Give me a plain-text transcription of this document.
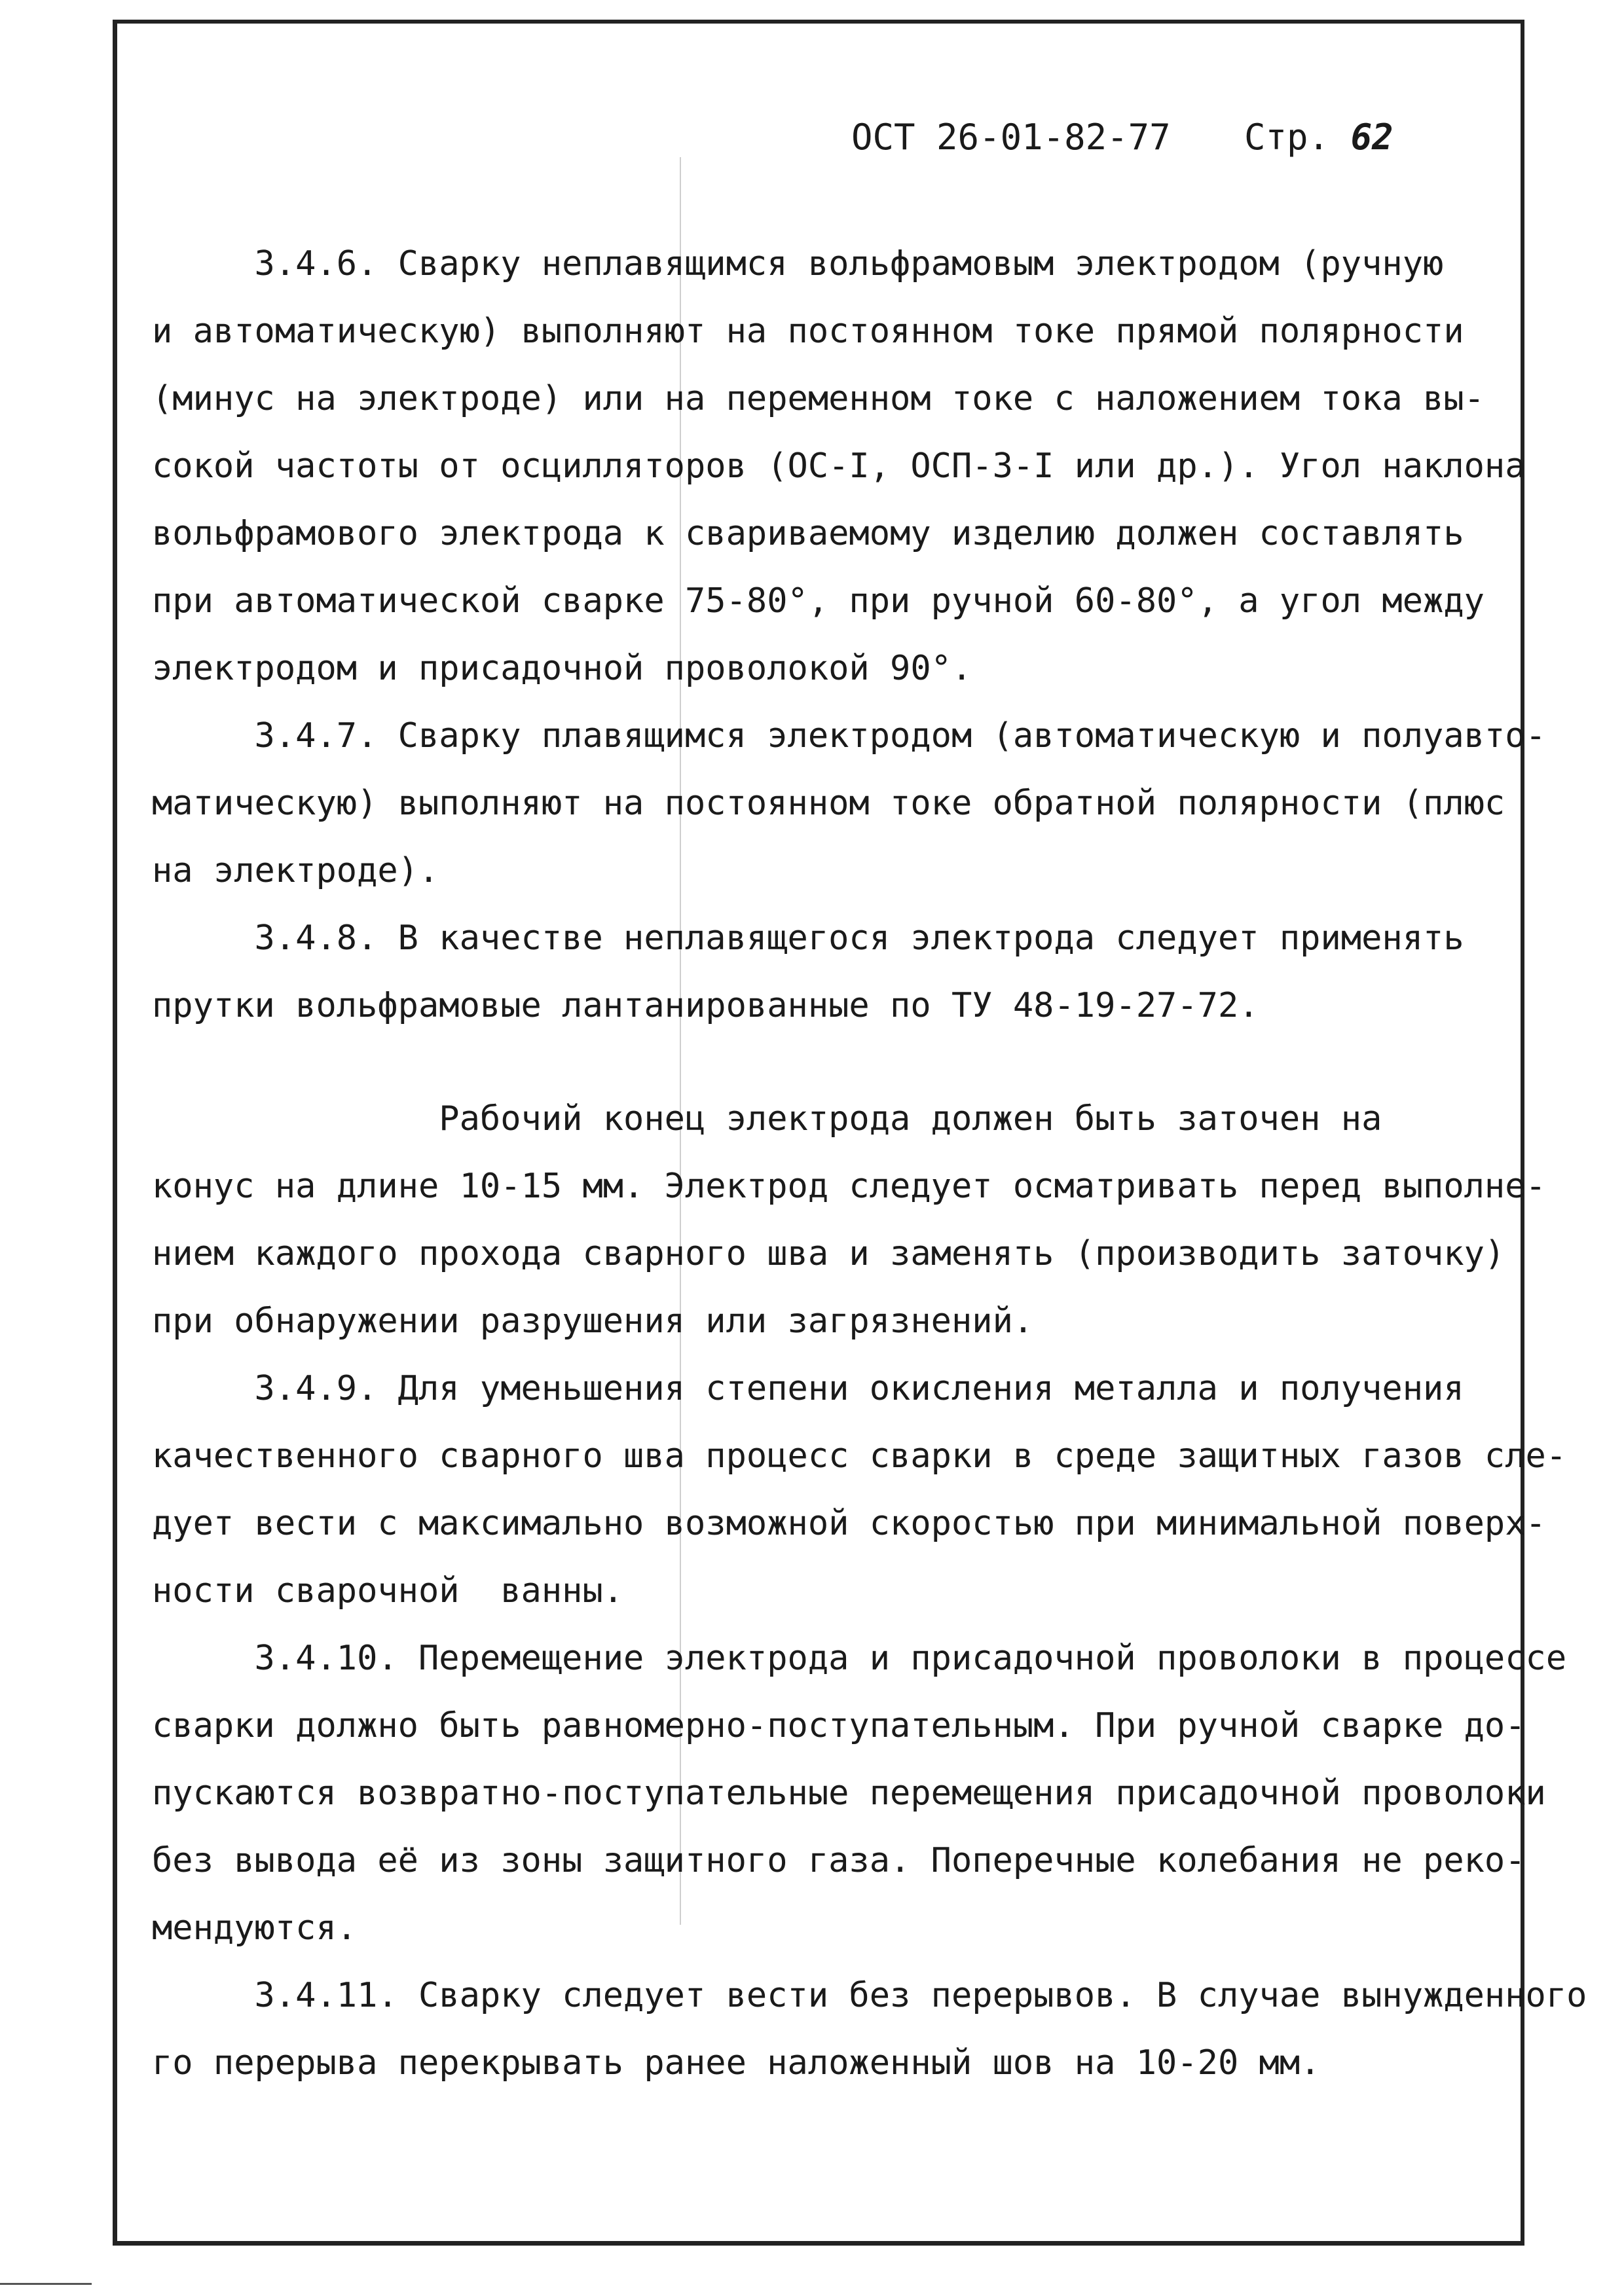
ОСТ 26-01-82-77

Стр. 62

3.4.6. Сварку неплавящимся вольфрамовым электродом (ручную
и автоматическую) выполняют на постоянном токе прямой полярности
(минус на электроде) или на переменном токе с наложением тока вы-
сокой частоты от осцилляторов (ОС-I, ОСП-3-I или др.). Угол наклона
вольфрамового электрода к свариваемому изделию должен составлять
при автоматической сварке 75-80°, при ручной 60-80°, а угол между
электродом и присадочной проволокой 90°.
3.4.7. Сварку плавящимся электродом (автоматическую и полуавто-
матическую) выполняют на постоянном токе обратной полярности (плюс
на электроде).
3.4.8. В качестве неплавящегося электрода следует применять
прутки вольфрамовые лантанированные по ТУ 48-19-27-72.
Рабочий конец электрода должен быть заточен на
конус на длине 10-15 мм. Электрод следует осматривать перед выполне-
нием каждого прохода сварного шва и заменять (производить заточку)
при обнаружении разрушения или загрязнений.
3.4.9. Для уменьшения степени окисления металла и получения
качественного сварного шва процесс сварки в среде защитных газов сле-
дует вести с максимально возможной скоростью при минимальной поверх-
ности сварочной  ванны.
3.4.10. Перемещение электрода и присадочной проволоки в процессе
сварки должно быть равномерно-поступательным. При ручной сварке до-
пускаются возвратно-поступательные перемещения присадочной проволоки
без вывода её из зоны защитного газа. Поперечные колебания не реко-
мендуются.
3.4.11. Сварку следует вести без перерывов. В случае вынужденного
го перерыва перекрывать ранее наложенный шов на 10-20 мм.
